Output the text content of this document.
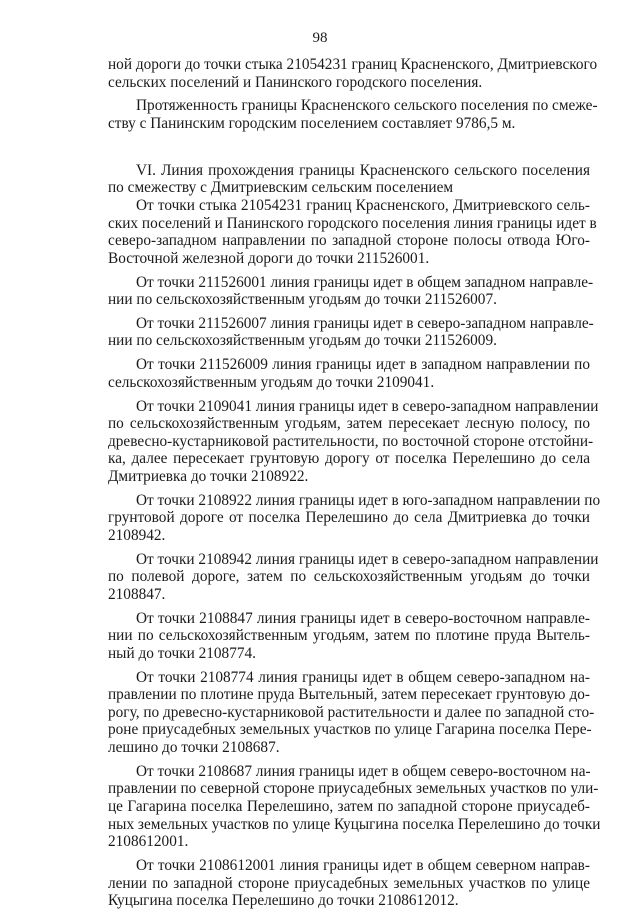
98
ной дороги до точки стыка 21054231 границ Красненского, Дмитриевского
сельских поселений и Панинского городского поселения.
Протяженность границы Красненского сельского поселения по смеже-
ству с Панинским городским поселением составляет 9786,5 м.
VI. Линия прохождения границы Красненского сельского поселения
по смежеству с Дмитриевским сельским поселением
От точки стыка 21054231 границ Красненского, Дмитриевского сель-
ских поселений и Панинского городского поселения линия границы идет в
северо-западном направлении по западной стороне полосы отвода Юго-
Восточной железной дороги до точки 211526001.
От точки 211526001 линия границы идет в общем западном направле-
нии по сельскохозяйственным угодьям до точки 211526007.
От точки 211526007 линия границы идет в северо-западном направле-
нии по сельскохозяйственным угодьям до точки 211526009.
От точки 211526009 линия границы идет в западном направлении по
сельскохозяйственным угодьям до точки 2109041.
От точки 2109041 линия границы идет в северо-западном направлении
по сельскохозяйственным угодьям, затем пересекает лесную полосу, по
древесно-кустарниковой растительности, по восточной стороне отстойни-
ка, далее пересекает грунтовую дорогу от поселка Перелешино до села
Дмитриевка до точки 2108922.
От точки 2108922 линия границы идет в юго-западном направлении по
грунтовой дороге от поселка Перелешино до села Дмитриевка до точки
2108942.
От точки 2108942 линия границы идет в северо-западном направлении
по полевой дороге, затем по сельскохозяйственным угодьям до точки
2108847.
От точки 2108847 линия границы идет в северо-восточном направле-
нии по сельскохозяйственным угодьям, затем по плотине пруда Вытель-
ный до точки 2108774.
От точки 2108774 линия границы идет в общем северо-западном на-
правлении по плотине пруда Вытельный, затем пересекает грунтовую до-
рогу, по древесно-кустарниковой растительности и далее по западной сто-
роне приусадебных земельных участков по улице Гагарина поселка Пере-
лешино до точки 2108687.
От точки 2108687 линия границы идет в общем северо-восточном на-
правлении по северной стороне приусадебных земельных участков по ули-
це Гагарина поселка Перелешино, затем по западной стороне приусадеб-
ных земельных участков по улице Куцыгина поселка Перелешино до точки
2108612001.
От точки 2108612001 линия границы идет в общем северном направ-
лении по западной стороне приусадебных земельных участков по улице
Куцыгина поселка Перелешино до точки 2108612012.
